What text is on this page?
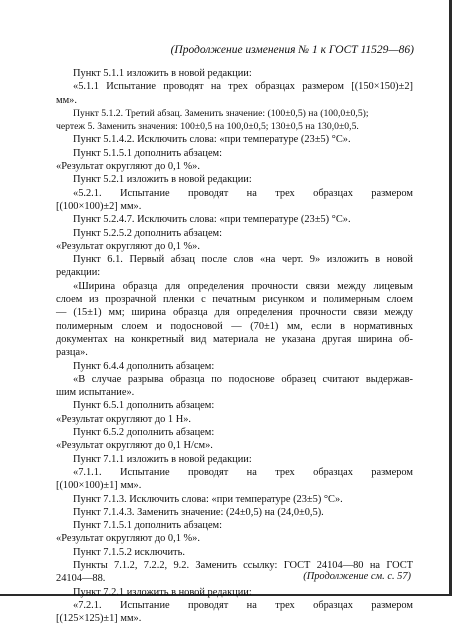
(Продолжение изменения № 1 к ГОСТ 11529—86)
Пункт 5.1.1 изложить в новой редакции:
«5.1.1 Испытание проводят на трех образцах размером [(150×150)±2]
мм».
Пункт 5.1.2. Третий абзац. Заменить значение: (100±0,5) на (100,0±0,5);
чертеж 5. Заменить значения: 100±0,5 на 100,0±0,5; 130±0,5 на 130,0±0,5.
Пункт 5.1.4.2. Исключить слова: «при температуре (23±5) °С».
Пункт 5.1.5.1 дополнить абзацем:
«Результат округляют до 0,1 %».
Пункт 5.2.1 изложить в новой редакции:
«5.2.1. Испытание проводят на трех образцах размером
[(100×100)±2] мм».
Пункт 5.2.4.7. Исключить слова: «при температуре (23±5) °С».
Пункт 5.2.5.2 дополнить абзацем:
«Результат округляют до 0,1 %».
Пункт 6.1. Первый абзац после слов «на черт. 9» изложить в новой
редакции:
«Ширина образца для определения прочности связи между лицевым
слоем из прозрачной пленки с печатным рисунком и полимерным слоем
— (15±1) мм; ширина образца для определения прочности связи между
полимерным слоем и подосновой — (70±1) мм, если в нормативных
документах на конкретный вид материала не указана другая ширина об-
разца».
Пункт 6.4.4 дополнить абзацем:
«В случае разрыва образца по подоснове образец считают выдержав-
шим испытание».
Пункт 6.5.1 дополнить абзацем:
«Результат округляют до 1 Н».
Пункт 6.5.2 дополнить абзацем:
«Результат округляют до 0,1 Н/см».
Пункт 7.1.1 изложить в новой редакции:
«7.1.1. Испытание проводят на трех образцах размером
[(100×100)±1] мм».
Пункт 7.1.3. Исключить слова: «при температуре (23±5) °С».
Пункт 7.1.4.3. Заменить значение: (24±0,5) на (24,0±0,5).
Пункт 7.1.5.1 дополнить абзацем:
«Результат округляют до 0,1 %».
Пункт 7.1.5.2 исключить.
Пункты 7.1.2, 7.2.2, 9.2. Заменить ссылку: ГОСТ 24104—80 на ГОСТ
24104—88.
Пункт 7.2.1 изложить в новой редакции:
«7.2.1. Испытание проводят на трех образцах размером
[(125×125)±1] мм».
(Продолжение см. с. 57)
